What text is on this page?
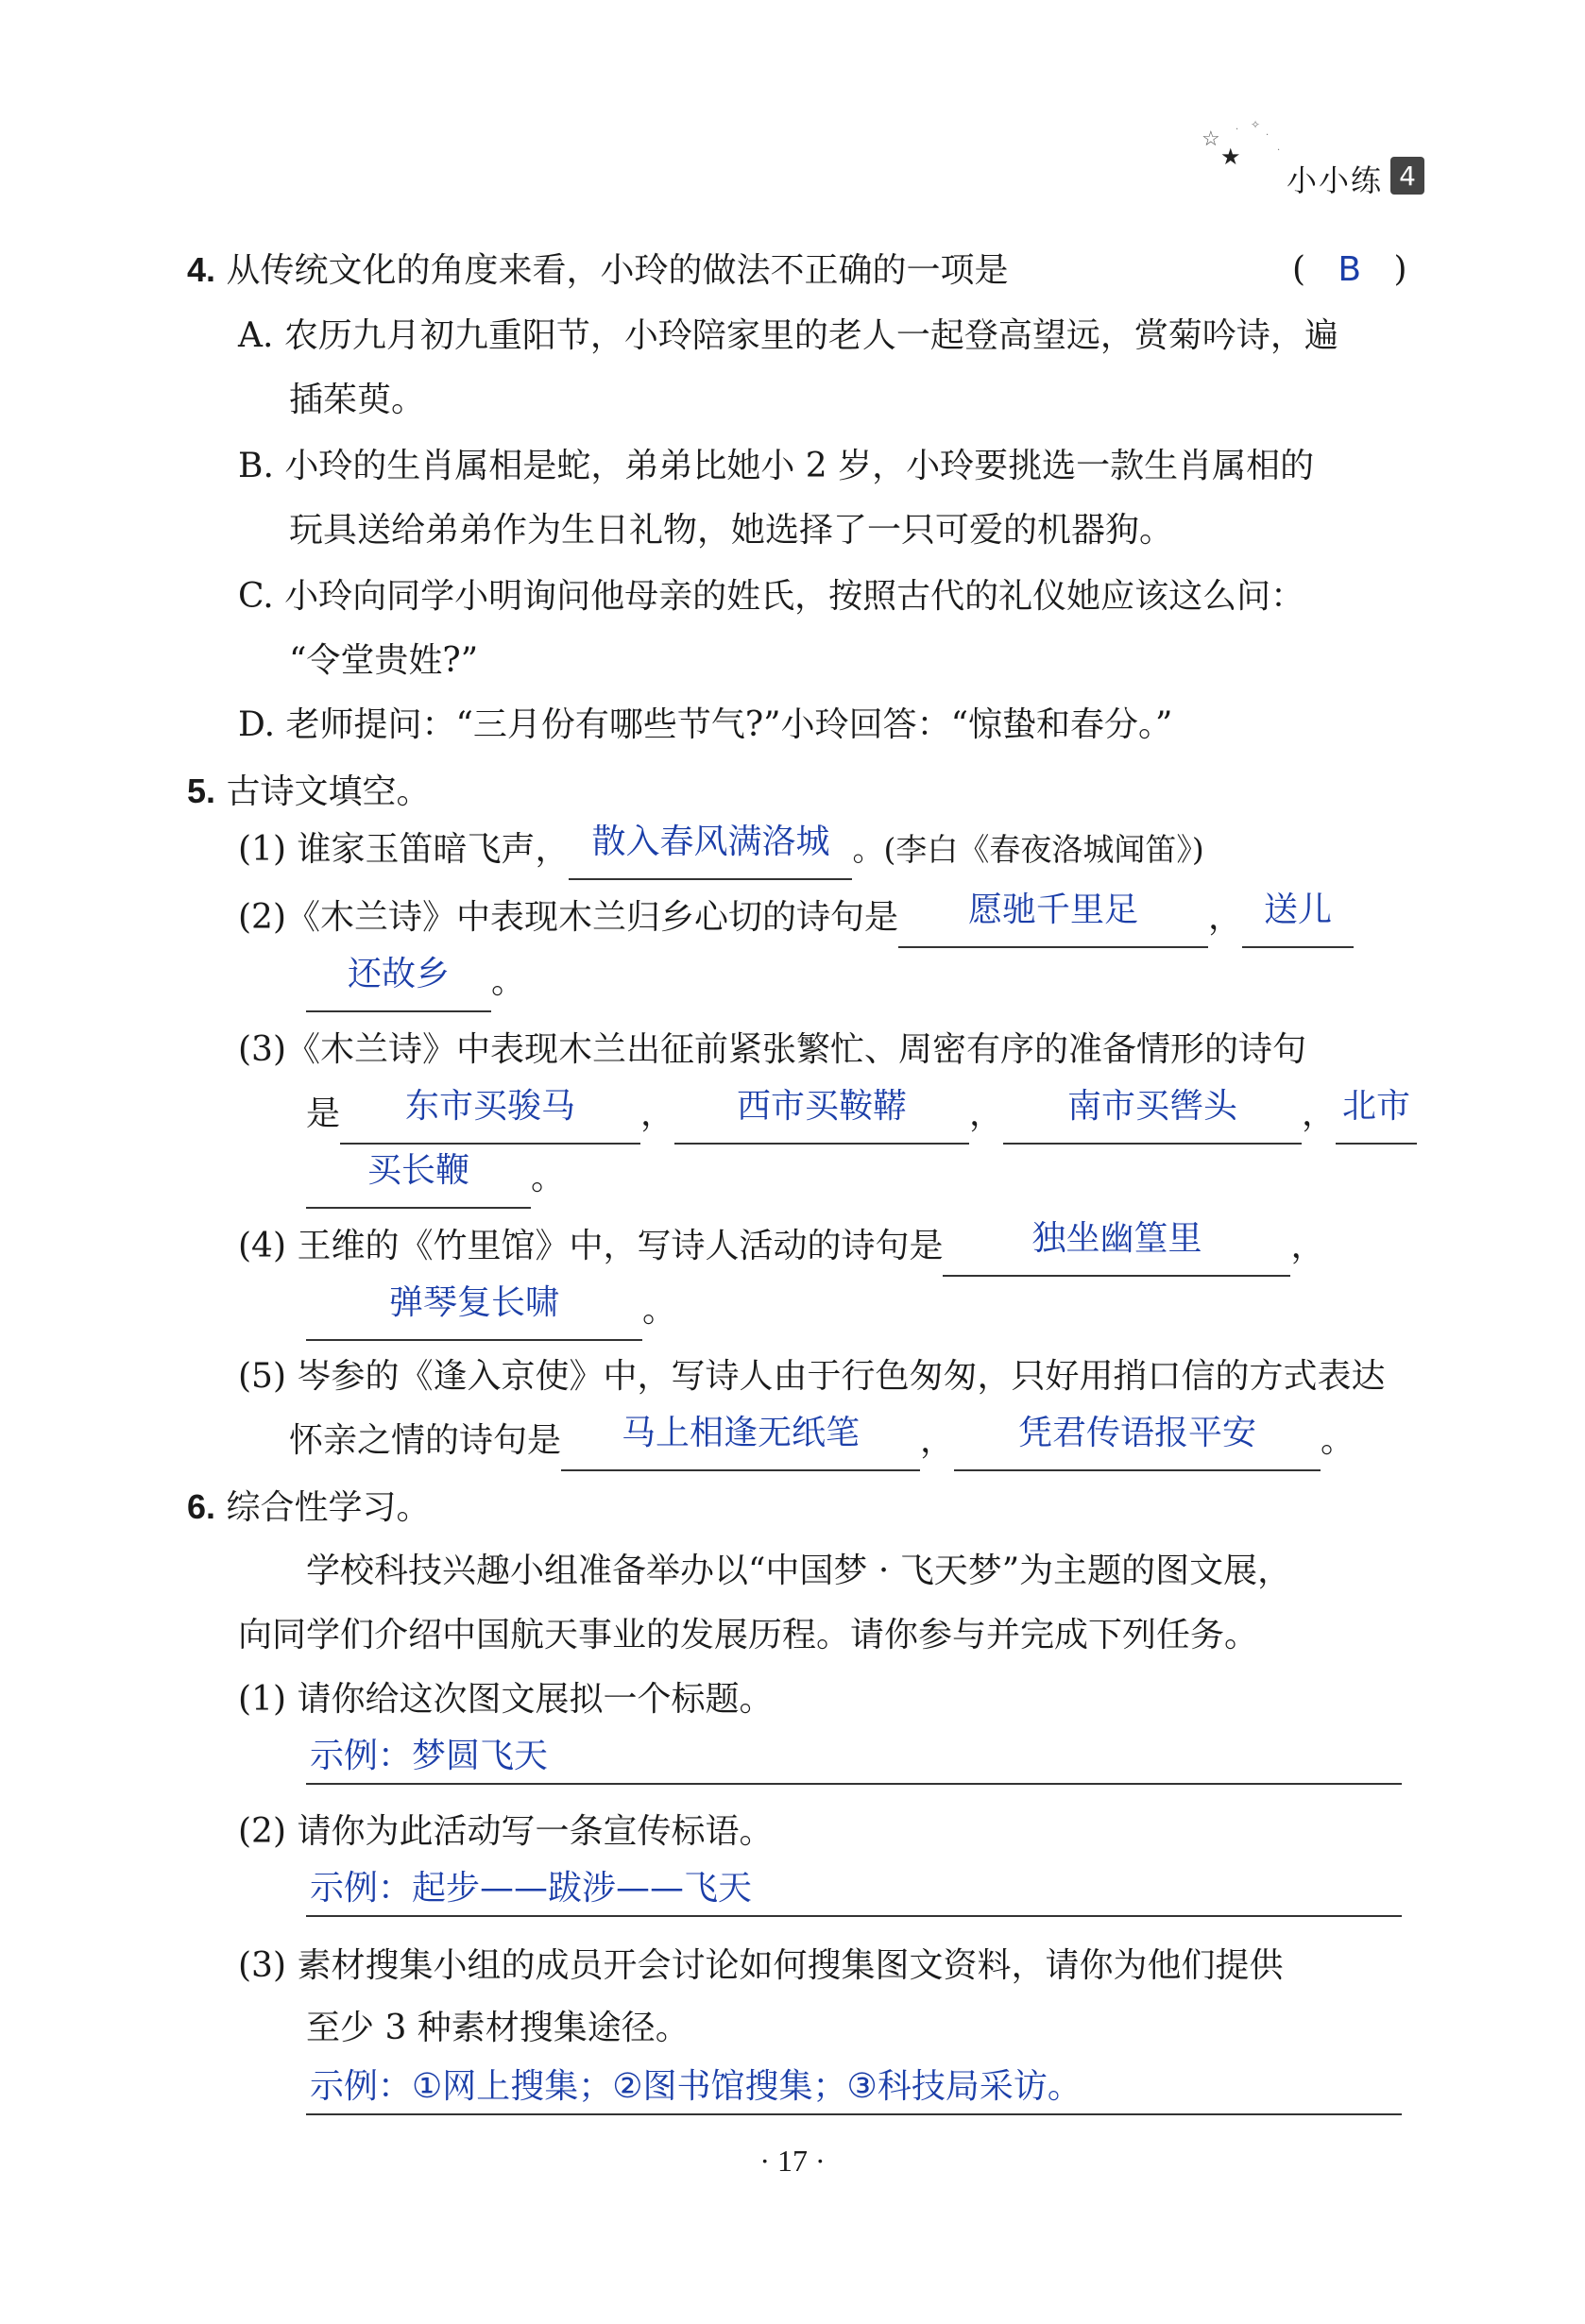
☆ · ✧
·
★	·
小小练 4
4. 从传统文化的角度来看，小玲的做法不正确的一项是	( B )
A. 农历九月初九重阳节，小玲陪家里的老人一起登高望远，赏菊吟诗，遍
插茱萸。
B. 小玲的生肖属相是蛇，弟弟比她小 2 岁，小玲要挑选一款生肖属相的
玩具送给弟弟作为生日礼物，她选择了一只可爱的机器狗。
C. 小玲向同学小明询问他母亲的姓氏，按照古代的礼仪她应该这么问：
“令堂贵姓?”
D. 老师提问：“三月份有哪些节气?”小玲回答：“惊蛰和春分。”
5. 古诗文填空。
(1) 谁家玉笛暗飞声， 散入春风满洛城 。(李白《春夜洛城闻笛》)
(2)《木兰诗》中表现木兰归乡心切的诗句是 愿驰千里足 ， 送儿
还故乡 。
(3)《木兰诗》中表现木兰出征前紧张繁忙、周密有序的准备情形的诗句
是 东市买骏马 ， 西市买鞍鞯 ， 南市买辔头 ， 北市
买长鞭 。
(4) 王维的《竹里馆》中，写诗人活动的诗句是	独坐幽篁里	，
弹琴复长啸 。
(5) 岑参的《逢入京使》中，写诗人由于行色匆匆，只好用捎口信的方式表达
怀亲之情的诗句是 马上相逢无纸笔 ， 凭君传语报平安 。
6. 综合性学习。
学校科技兴趣小组准备举办以“中国梦 · 飞天梦”为主题的图文展，
向同学们介绍中国航天事业的发展历程。请你参与并完成下列任务。
(1) 请你给这次图文展拟一个标题。
示例：梦圆飞天
(2) 请你为此活动写一条宣传标语。
示例：起步——跋涉——飞天
(3) 素材搜集小组的成员开会讨论如何搜集图文资料，请你为他们提供
至少 3 种素材搜集途径。
示例：①网上搜集；②图书馆搜集；③科技局采访。
· 17 ·
